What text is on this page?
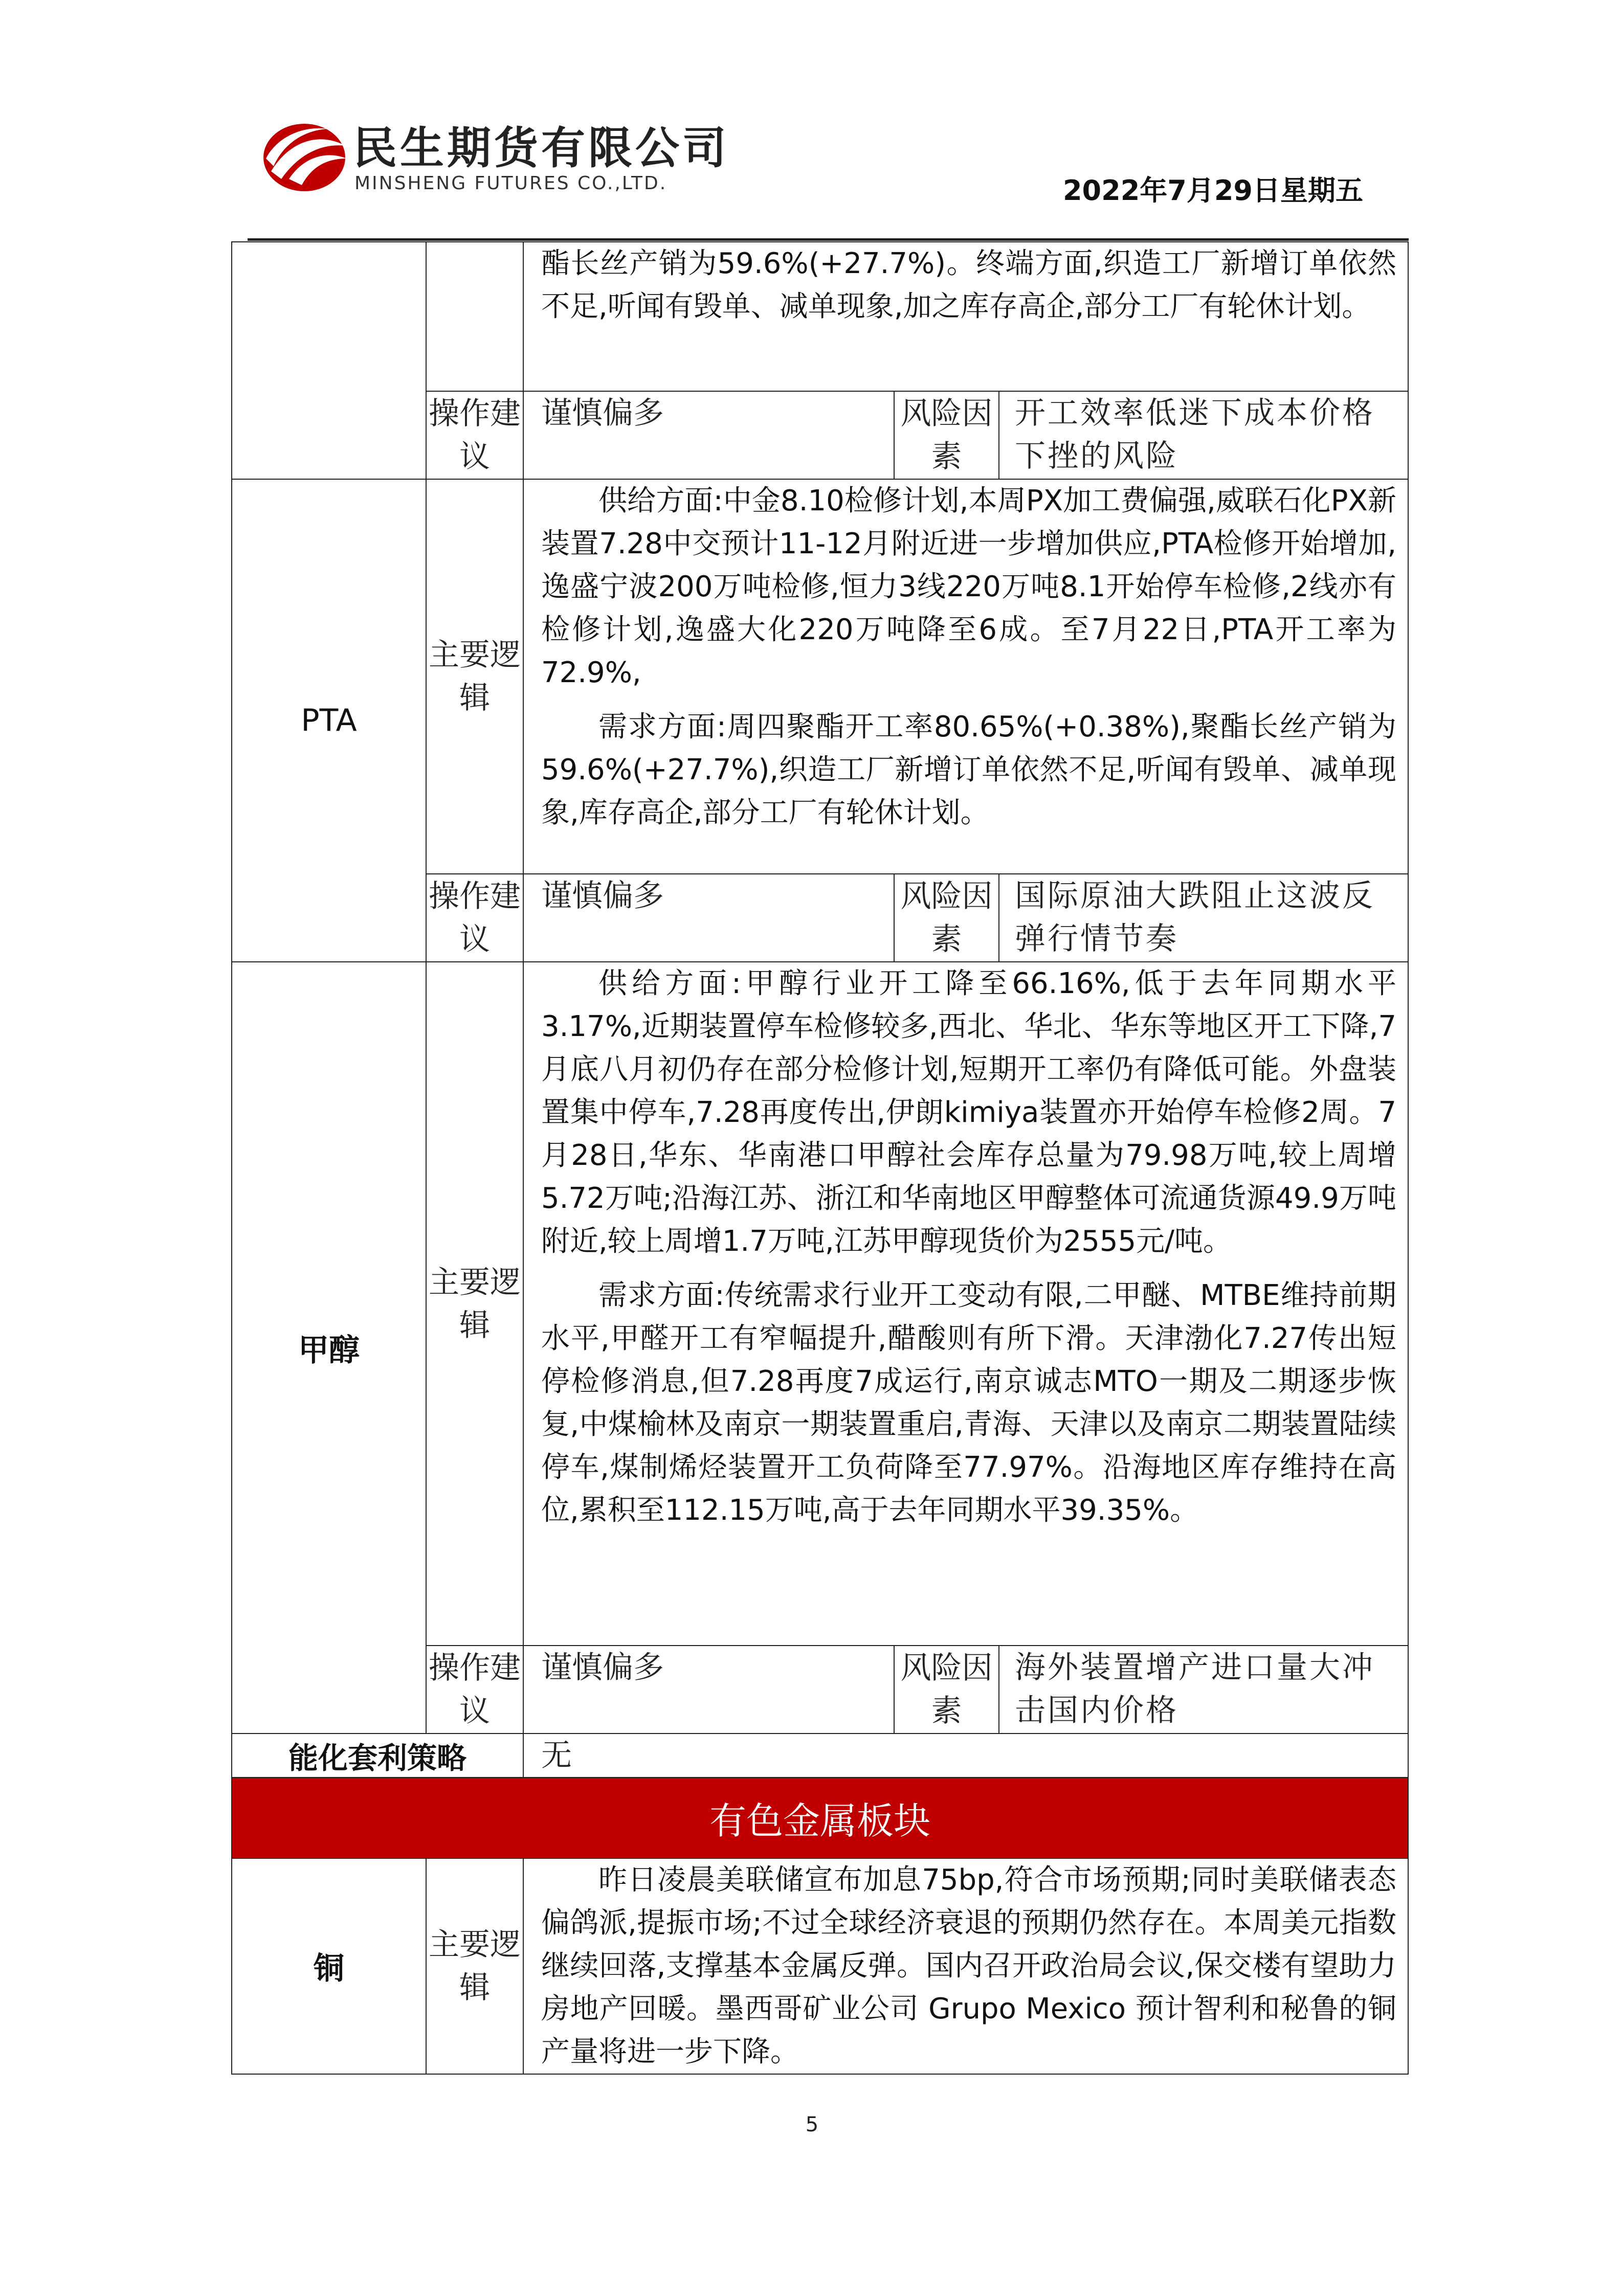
民生期货有限公司
MINSHENG FUTURES CO.,LTD.	2022年7月29日星期五

		酯长丝产销为59.6%(+27.7%)。终端方面,织造工厂新增订单依然不足,听闻有毁单、减单现象,加之库存高企,部分工厂有轮休计划。		

	操作建议	谨慎偏多	风险因素	开工效率低迷下成本价格下挫的风险
PTA	主要逻辑	供给方面:中金8.10检修计划,本周PX加工费偏强,威联石化PX新装置7.28中交预计11-12月附近进一步增加供应,PTA检修开始增加,逸盛宁波200万吨检修,恒力3线220万吨8.1开始停车检修,2线亦有检修计划,逸盛大化220万吨降至6成。至7月22日,PTA开工率为72.9%,
需求方面:周四聚酯开工率80.65%(+0.38%),聚酯长丝产销为59.6%(+27.7%),织造工厂新增订单依然不足,听闻有毁单、减单现象,库存高企,部分工厂有轮休计划。		

	操作建议	谨慎偏多	风险因素	国际原油大跌阻止这波反弹行情节奏
甲醇	主要逻辑	供给方面:甲醇行业开工降至66.16%,低于去年同期水平3.17%,近期装置停车检修较多,西北、华北、华东等地区开工下降,7月底八月初仍存在部分检修计划,短期开工率仍有降低可能。外盘装置集中停车,7.28再度传出,伊朗kimiya装置亦开始停车检修2周。7月28日,华东、华南港口甲醇社会库存总量为79.98万吨,较上周增5.72万吨;沿海江苏、浙江和华南地区甲醇整体可流通货源49.9万吨附近,较上周增1.7万吨,江苏甲醇现货价为2555元/吨。
需求方面:传统需求行业开工变动有限,二甲醚、MTBE维持前期水平,甲醛开工有窄幅提升,醋酸则有所下滑。天津渤化7.27传出短停检修消息,但7.28再度7成运行,南京诚志MTO一期及二期逐步恢复,中煤榆林及南京一期装置重启,青海、天津以及南京二期装置陆续停车,煤制烯烃装置开工负荷降至77.97%。沿海地区库存维持在高位,累积至112.15万吨,高于去年同期水平39.35%。		

	操作建议	谨慎偏多	风险因素	海外装置增产进口量大冲击国内价格
能化套利策略		无		
有色金属板块				
铜	主要逻辑	昨日凌晨美联储宣布加息75bp,符合市场预期;同时美联储表态偏鸽派,提振市场;不过全球经济衰退的预期仍然存在。本周美元指数继续回落,支撑基本金属反弹。国内召开政治局会议,保交楼有望助力房地产回暖。墨西哥矿业公司 Grupo Mexico 预计智利和秘鲁的铜产量将进一步下降。		
5
